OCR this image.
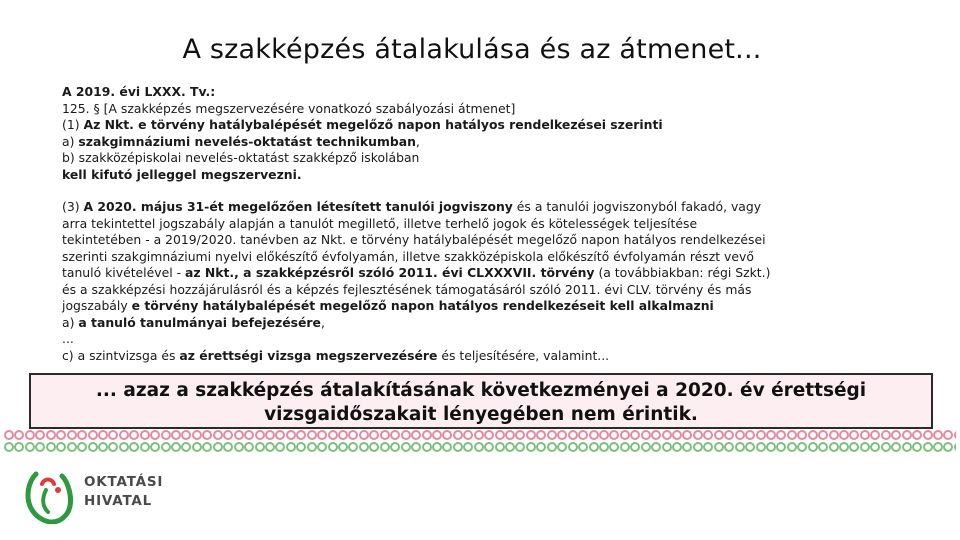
A szakképzés átalakulása és az átmenet...
A 2019. évi LXXX. Tv.:
125. § [A szakképzés megszervezésére vonatkozó szabályozási átmenet]
(1) Az Nkt. e törvény hatálybalépését megelőző napon hatályos rendelkezései szerinti
a) szakgimnáziumi nevelés-oktatást technikumban,
b) szakközépiskolai nevelés-oktatást szakképző iskolában
kell kifutó jelleggel megszervezni.
(3) A 2020. május 31-ét megelőzően létesített tanulói jogviszony és a tanulói jogviszonyból fakadó, vagy
arra tekintettel jogszabály alapján a tanulót megillető, illetve terhelő jogok és kötelességek teljesítése
tekintetében - a 2019/2020. tanévben az Nkt. e törvény hatálybalépését megelőző napon hatályos rendelkezései
szerinti szakgimnáziumi nyelvi előkészítő évfolyamán, illetve szakközépiskola előkészítő évfolyamán részt vevő
tanuló kivételével - az Nkt., a szakképzésről szóló 2011. évi CLXXXVII. törvény (a továbbiakban: régi Szkt.)
és a szakképzési hozzájárulásról és a képzés fejlesztésének támogatásáról szóló 2011. évi CLV. törvény és más
jogszabály e törvény hatálybalépését megelőző napon hatályos rendelkezéseit kell alkalmazni
a) a tanuló tanulmányai befejezésére,
...
c) a szintvizsga és az érettségi vizsga megszervezésére és teljesítésére, valamint...
... azaz a szakképzés átalakításának következményei a 2020. év érettségi
vizsgaidőszakait lényegében nem érintik.
OKTATÁSI
HIVATAL
